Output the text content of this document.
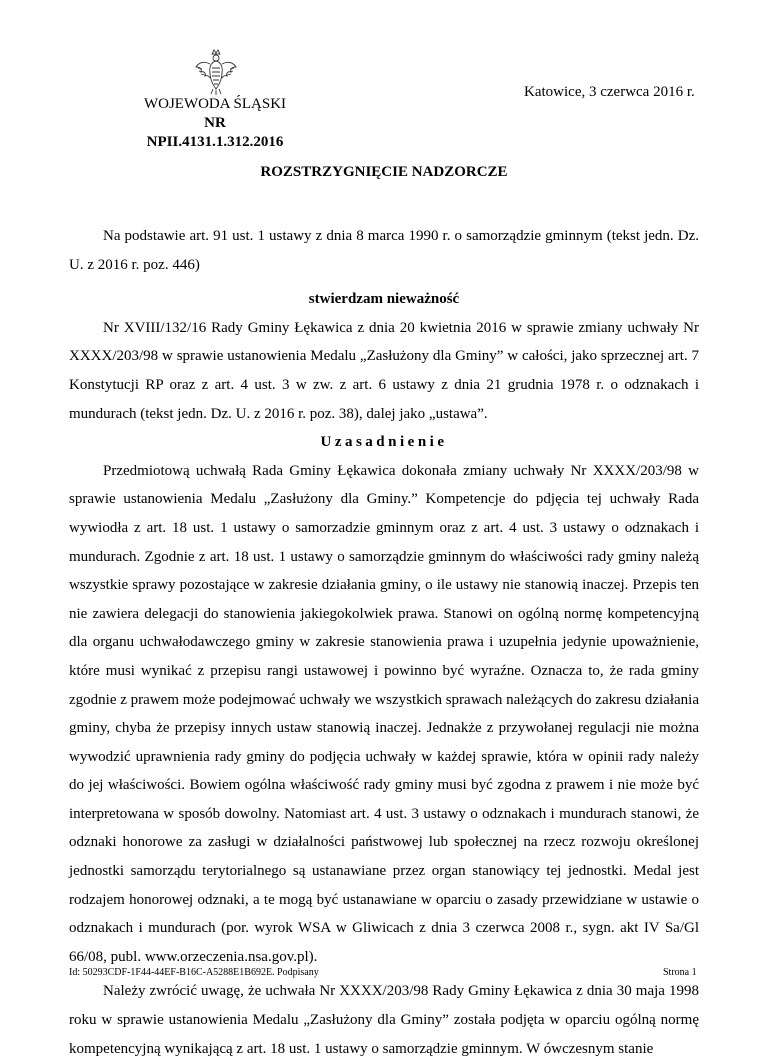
Katowice, 3 czerwca 2016 r.
WOJEWODA ŚLĄSKI
NR NPII.4131.1.312.2016
ROZSTRZYGNIĘCIE NADZORCZE

Na podstawie art. 91 ust. 1 ustawy z dnia 8 marca 1990 r. o samorządzie gminnym (tekst jedn. Dz. U. z 2016 r. poz. 446)

stwierdzam nieważność

Nr XVIII/132/16 Rady Gminy Łękawica z dnia 20 kwietnia 2016 w sprawie zmiany uchwały Nr XXXX/203/98 w sprawie ustanowienia Medalu „Zasłużony dla Gminy” w całości, jako sprzecznej art. 7 Konstytucji RP oraz z art. 4 ust. 3 w zw. z art. 6 ustawy z dnia 21 grudnia 1978 r. o odznakach i mundurach (tekst jedn. Dz. U. z 2016 r. poz. 38), dalej jako „ustawa”.

Uzasadnienie

Przedmiotową uchwałą Rada Gminy Łękawica dokonała zmiany uchwały Nr XXXX/203/98 w sprawie ustanowienia Medalu „Zasłużony dla Gminy.” Kompetencje do pdjęcia tej uchwały Rada wywiodła z art. 18 ust. 1 ustawy o samorzadzie gminnym oraz z art. 4 ust. 3 ustawy o odznakach i mundurach. Zgodnie z art. 18 ust. 1 ustawy o samorządzie gminnym do właściwości rady gminy należą wszystkie sprawy pozostające w zakresie działania gminy, o ile ustawy nie stanowią inaczej. Przepis ten nie zawiera delegacji do stanowienia jakiegokolwiek prawa. Stanowi on ogólną normę kompetencyjną dla organu uchwałodawczego gminy w zakresie stanowienia prawa i uzupełnia jedynie upoważnienie, które musi wynikać z przepisu rangi ustawowej i powinno być wyraźne. Oznacza to, że rada gminy zgodnie z prawem może podejmować uchwały we wszystkich sprawach należących do zakresu działania gminy, chyba że przepisy innych ustaw stanowią inaczej. Jednakże z przywołanej regulacji nie można wywodzić uprawnienia rady gminy do podjęcia uchwały w każdej sprawie, która w opinii rady należy do jej właściwości. Bowiem ogólna właściwość rady gminy musi być zgodna z prawem i nie może być interpretowana w sposób dowolny. Natomiast art. 4 ust. 3 ustawy o odznakach i mundurach stanowi, że odznaki honorowe za zasługi w działalności państwowej lub społecznej na rzecz rozwoju określonej jednostki samorządu terytorialnego są ustanawiane przez organ stanowiący tej jednostki. Medal jest rodzajem honorowej odznaki, a te mogą być ustanawiane w oparciu o zasady przewidziane w ustawie o odznakach i mundurach (por. wyrok WSA w Gliwicach z dnia 3 czerwca 2008 r., sygn. akt IV Sa/Gl 66/08, publ. www.orzeczenia.nsa.gov.pl).

Należy zwrócić uwagę, że uchwała Nr XXXX/203/98 Rady Gminy Łękawica z dnia 30 maja 1998 roku w sprawie ustanowienia Medalu „Zasłużony dla Gminy” została podjęta w oparciu ogólną normę kompetencyjną wynikającą z art. 18 ust. 1 ustawy o samorządzie gminnym. W ówczesnym stanie

Id: 50293CDF-1F44-44EF-B16C-A5288E1B692E. Podpisany	Strona 1
